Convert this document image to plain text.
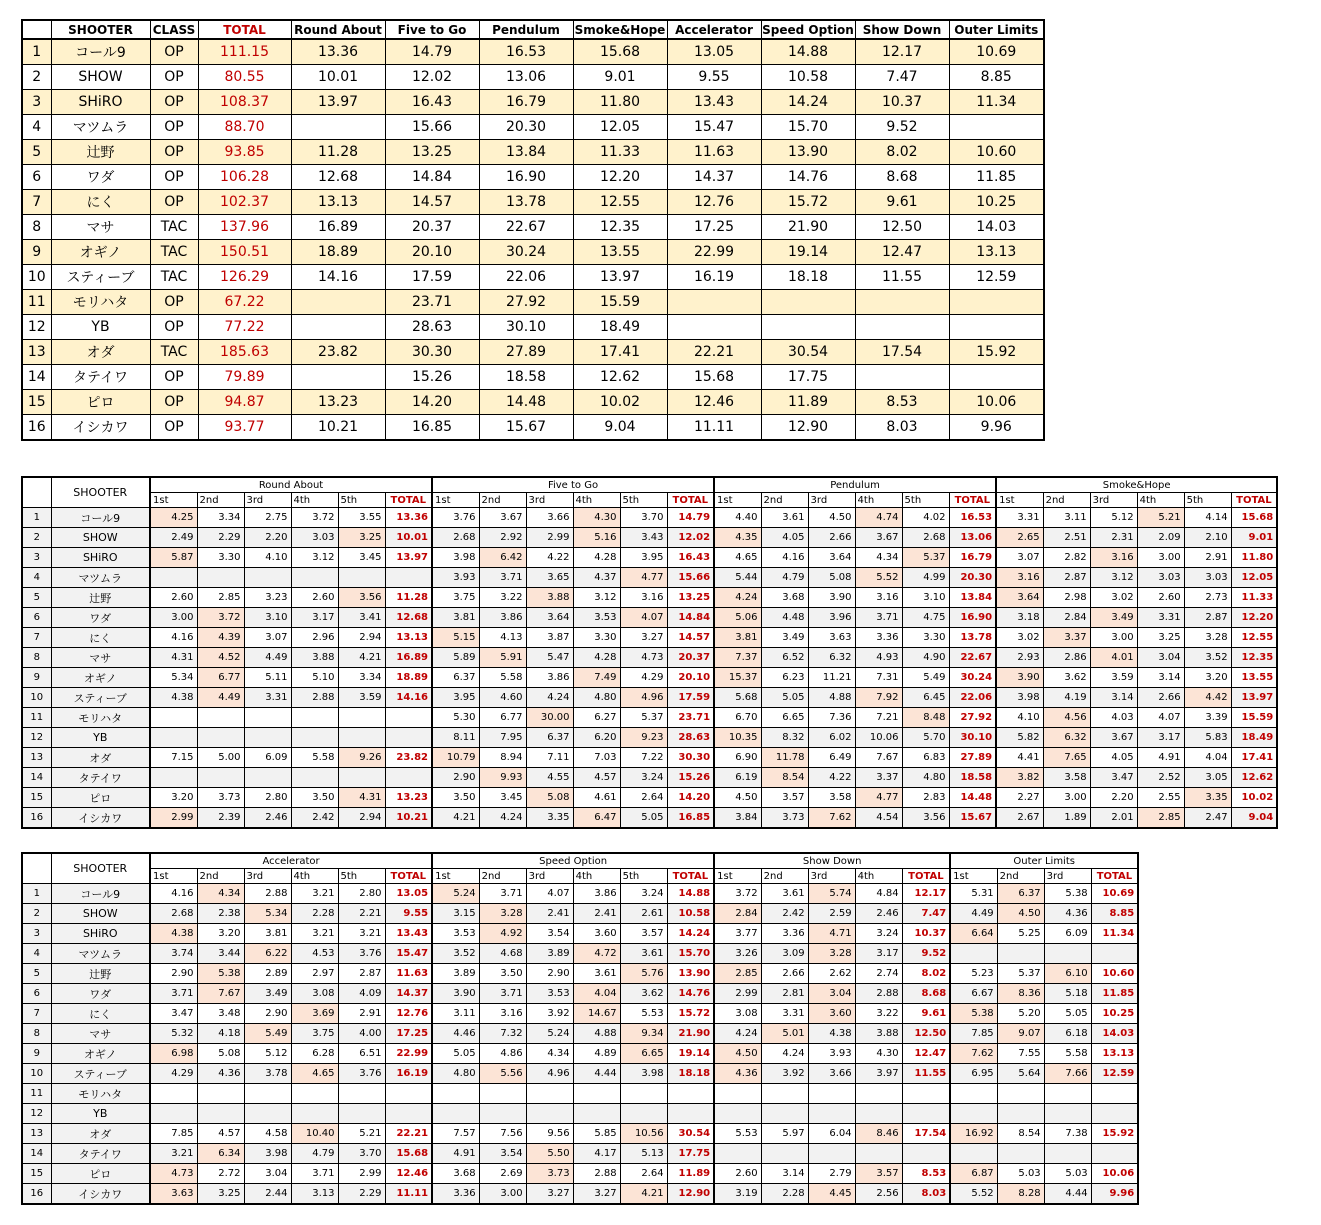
	SHOOTER	CLASS	TOTAL	Round About	Five to Go	Pendulum	Smoke&Hope	Accelerator	Speed Option	Show Down	Outer Limits
1	コール9	OP	111.15	13.36	14.79	16.53	15.68	13.05	14.88	12.17	10.69
2	SHOW	OP	80.55	10.01	12.02	13.06	9.01	9.55	10.58	7.47	8.85
3	SHiRO	OP	108.37	13.97	16.43	16.79	11.80	13.43	14.24	10.37	11.34
4	マツムラ	OP	88.70		15.66	20.30	12.05	15.47	15.70	9.52	
5	辻野	OP	93.85	11.28	13.25	13.84	11.33	11.63	13.90	8.02	10.60
6	ワダ	OP	106.28	12.68	14.84	16.90	12.20	14.37	14.76	8.68	11.85
7	にく	OP	102.37	13.13	14.57	13.78	12.55	12.76	15.72	9.61	10.25
8	マサ	TAC	137.96	16.89	20.37	22.67	12.35	17.25	21.90	12.50	14.03
9	オギノ	TAC	150.51	18.89	20.10	30.24	13.55	22.99	19.14	12.47	13.13
10	スティーブ	TAC	126.29	14.16	17.59	22.06	13.97	16.19	18.18	11.55	12.59
11	モリハタ	OP	67.22		23.71	27.92	15.59				
12	YB	OP	77.22		28.63	30.10	18.49				
13	オダ	TAC	185.63	23.82	30.30	27.89	17.41	22.21	30.54	17.54	15.92
14	タテイワ	OP	79.89		15.26	18.58	12.62	15.68	17.75		
15	ピロ	OP	94.87	13.23	14.20	14.48	10.02	12.46	11.89	8.53	10.06
16	イシカワ	OP	93.77	10.21	16.85	15.67	9.04	11.11	12.90	8.03	9.96
	SHOOTER	Round About						Five to Go						Pendulum						Smoke&Hope					
		1st	2nd	3rd	4th	5th	TOTAL	1st	2nd	3rd	4th	5th	TOTAL	1st	2nd	3rd	4th	5th	TOTAL	1st	2nd	3rd	4th	5th	TOTAL
1	コール9	4.25	3.34	2.75	3.72	3.55	13.36	3.76	3.67	3.66	4.30	3.70	14.79	4.40	3.61	4.50	4.74	4.02	16.53	3.31	3.11	5.12	5.21	4.14	15.68
2	SHOW	2.49	2.29	2.20	3.03	3.25	10.01	2.68	2.92	2.99	5.16	3.43	12.02	4.35	4.05	2.66	3.67	2.68	13.06	2.65	2.51	2.31	2.09	2.10	9.01
3	SHiRO	5.87	3.30	4.10	3.12	3.45	13.97	3.98	6.42	4.22	4.28	3.95	16.43	4.65	4.16	3.64	4.34	5.37	16.79	3.07	2.82	3.16	3.00	2.91	11.80
4	マツムラ							3.93	3.71	3.65	4.37	4.77	15.66	5.44	4.79	5.08	5.52	4.99	20.30	3.16	2.87	3.12	3.03	3.03	12.05
5	辻野	2.60	2.85	3.23	2.60	3.56	11.28	3.75	3.22	3.88	3.12	3.16	13.25	4.24	3.68	3.90	3.16	3.10	13.84	3.64	2.98	3.02	2.60	2.73	11.33
6	ワダ	3.00	3.72	3.10	3.17	3.41	12.68	3.81	3.86	3.64	3.53	4.07	14.84	5.06	4.48	3.96	3.71	4.75	16.90	3.18	2.84	3.49	3.31	2.87	12.20
7	にく	4.16	4.39	3.07	2.96	2.94	13.13	5.15	4.13	3.87	3.30	3.27	14.57	3.81	3.49	3.63	3.36	3.30	13.78	3.02	3.37	3.00	3.25	3.28	12.55
8	マサ	4.31	4.52	4.49	3.88	4.21	16.89	5.89	5.91	5.47	4.28	4.73	20.37	7.37	6.52	6.32	4.93	4.90	22.67	2.93	2.86	4.01	3.04	3.52	12.35
9	オギノ	5.34	6.77	5.11	5.10	3.34	18.89	6.37	5.58	3.86	7.49	4.29	20.10	15.37	6.23	11.21	7.31	5.49	30.24	3.90	3.62	3.59	3.14	3.20	13.55
10	スティーブ	4.38	4.49	3.31	2.88	3.59	14.16	3.95	4.60	4.24	4.80	4.96	17.59	5.68	5.05	4.88	7.92	6.45	22.06	3.98	4.19	3.14	2.66	4.42	13.97
11	モリハタ							5.30	6.77	30.00	6.27	5.37	23.71	6.70	6.65	7.36	7.21	8.48	27.92	4.10	4.56	4.03	4.07	3.39	15.59
12	YB							8.11	7.95	6.37	6.20	9.23	28.63	10.35	8.32	6.02	10.06	5.70	30.10	5.82	6.32	3.67	3.17	5.83	18.49
13	オダ	7.15	5.00	6.09	5.58	9.26	23.82	10.79	8.94	7.11	7.03	7.22	30.30	6.90	11.78	6.49	7.67	6.83	27.89	4.41	7.65	4.05	4.91	4.04	17.41
14	タテイワ							2.90	9.93	4.55	4.57	3.24	15.26	6.19	8.54	4.22	3.37	4.80	18.58	3.82	3.58	3.47	2.52	3.05	12.62
15	ピロ	3.20	3.73	2.80	3.50	4.31	13.23	3.50	3.45	5.08	4.61	2.64	14.20	4.50	3.57	3.58	4.77	2.83	14.48	2.27	3.00	2.20	2.55	3.35	10.02
16	イシカワ	2.99	2.39	2.46	2.42	2.94	10.21	4.21	4.24	3.35	6.47	5.05	16.85	3.84	3.73	7.62	4.54	3.56	15.67	2.67	1.89	2.01	2.85	2.47	9.04
	SHOOTER	Accelerator						Speed Option						Show Down					Outer Limits			
		1st	2nd	3rd	4th	5th	TOTAL	1st	2nd	3rd	4th	5th	TOTAL	1st	2nd	3rd	4th	TOTAL	1st	2nd	3rd	TOTAL
1	コール9	4.16	4.34	2.88	3.21	2.80	13.05	5.24	3.71	4.07	3.86	3.24	14.88	3.72	3.61	5.74	4.84	12.17	5.31	6.37	5.38	10.69
2	SHOW	2.68	2.38	5.34	2.28	2.21	9.55	3.15	3.28	2.41	2.41	2.61	10.58	2.84	2.42	2.59	2.46	7.47	4.49	4.50	4.36	8.85
3	SHiRO	4.38	3.20	3.81	3.21	3.21	13.43	3.53	4.92	3.54	3.60	3.57	14.24	3.77	3.36	4.71	3.24	10.37	6.64	5.25	6.09	11.34
4	マツムラ	3.74	3.44	6.22	4.53	3.76	15.47	3.52	4.68	3.89	4.72	3.61	15.70	3.26	3.09	3.28	3.17	9.52				
5	辻野	2.90	5.38	2.89	2.97	2.87	11.63	3.89	3.50	2.90	3.61	5.76	13.90	2.85	2.66	2.62	2.74	8.02	5.23	5.37	6.10	10.60
6	ワダ	3.71	7.67	3.49	3.08	4.09	14.37	3.90	3.71	3.53	4.04	3.62	14.76	2.99	2.81	3.04	2.88	8.68	6.67	8.36	5.18	11.85
7	にく	3.47	3.48	2.90	3.69	2.91	12.76	3.11	3.16	3.92	14.67	5.53	15.72	3.08	3.31	3.60	3.22	9.61	5.38	5.20	5.05	10.25
8	マサ	5.32	4.18	5.49	3.75	4.00	17.25	4.46	7.32	5.24	4.88	9.34	21.90	4.24	5.01	4.38	3.88	12.50	7.85	9.07	6.18	14.03
9	オギノ	6.98	5.08	5.12	6.28	6.51	22.99	5.05	4.86	4.34	4.89	6.65	19.14	4.50	4.24	3.93	4.30	12.47	7.62	7.55	5.58	13.13
10	スティーブ	4.29	4.36	3.78	4.65	3.76	16.19	4.80	5.56	4.96	4.44	3.98	18.18	4.36	3.92	3.66	3.97	11.55	6.95	5.64	7.66	12.59
11	モリハタ																					
12	YB																					
13	オダ	7.85	4.57	4.58	10.40	5.21	22.21	7.57	7.56	9.56	5.85	10.56	30.54	5.53	5.97	6.04	8.46	17.54	16.92	8.54	7.38	15.92
14	タテイワ	3.21	6.34	3.98	4.79	3.70	15.68	4.91	3.54	5.50	4.17	5.13	17.75									
15	ピロ	4.73	2.72	3.04	3.71	2.99	12.46	3.68	2.69	3.73	2.88	2.64	11.89	2.60	3.14	2.79	3.57	8.53	6.87	5.03	5.03	10.06
16	イシカワ	3.63	3.25	2.44	3.13	2.29	11.11	3.36	3.00	3.27	3.27	4.21	12.90	3.19	2.28	4.45	2.56	8.03	5.52	8.28	4.44	9.96
